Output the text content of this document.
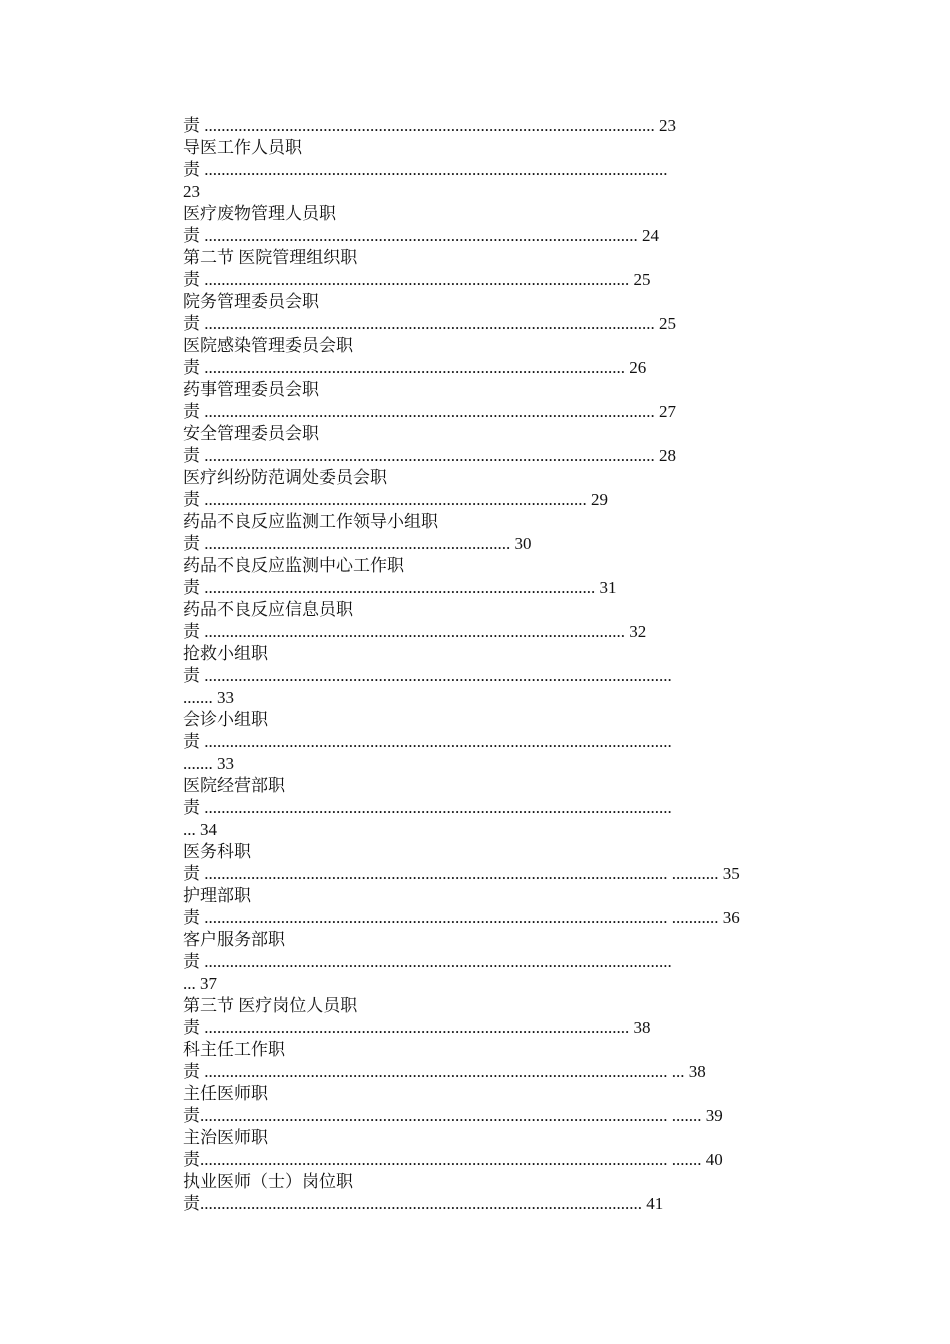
责 .......................................................................................................... 23
导医工作人员职
责 .............................................................................................................
23
医疗废物管理人员职
责 ...................................................................................................... 24
第二节 医院管理组织职
责 .................................................................................................... 25
院务管理委员会职
责 .......................................................................................................... 25
医院感染管理委员会职
责 ................................................................................................... 26
药事管理委员会职
责 .......................................................................................................... 27
安全管理委员会职
责 .......................................................................................................... 28
医疗纠纷防范调处委员会职
责 .......................................................................................... 29
药品不良反应监测工作领导小组职
责 ........................................................................ 30
药品不良反应监测中心工作职
责 ............................................................................................ 31
药品不良反应信息员职
责 ................................................................................................... 32
抢救小组职
责 ..............................................................................................................
....... 33
会诊小组职
责 ..............................................................................................................
....... 33
医院经营部职
责 ..............................................................................................................
... 34
医务科职
责 ............................................................................................................. ........... 35
护理部职
责 ............................................................................................................. ........... 36
客户服务部职
责 ..............................................................................................................
... 37
第三节 医疗岗位人员职
责 .................................................................................................... 38
科主任工作职
责 ............................................................................................................. ... 38
主任医师职
责.............................................................................................................. ....... 39
主治医师职
责.............................................................................................................. ....... 40
执业医师（士）岗位职
责........................................................................................................ 41
